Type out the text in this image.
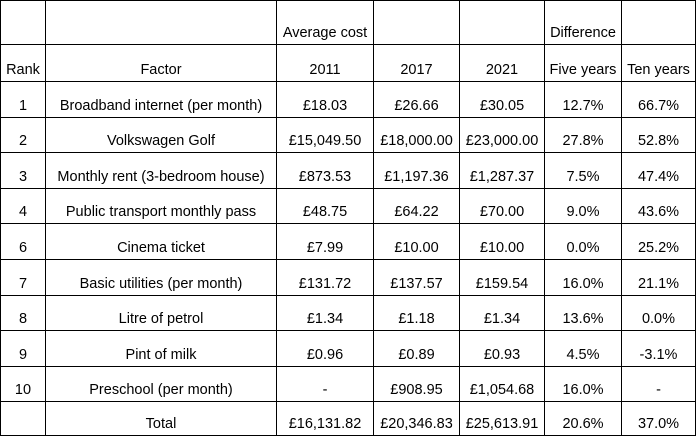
		Average cost			Difference	
Rank	Factor	2011	2017	2021	Five years	Ten years
1	Broadband internet (per month)	£18.03	£26.66	£30.05	12.7%	66.7%
2	Volkswagen Golf	£15,049.50	£18,000.00	£23,000.00	27.8%	52.8%
3	Monthly rent (3-bedroom house)	£873.53	£1,197.36	£1,287.37	7.5%	47.4%
4	Public transport monthly pass	£48.75	£64.22	£70.00	9.0%	43.6%
6	Cinema ticket	£7.99	£10.00	£10.00	0.0%	25.2%
7	Basic utilities (per month)	£131.72	£137.57	£159.54	16.0%	21.1%
8	Litre of petrol	£1.34	£1.18	£1.34	13.6%	0.0%
9	Pint of milk	£0.96	£0.89	£0.93	4.5%	-3.1%
10	Preschool (per month)	-	£908.95	£1,054.68	16.0%	-
	Total	£16,131.82	£20,346.83	£25,613.91	20.6%	37.0%
